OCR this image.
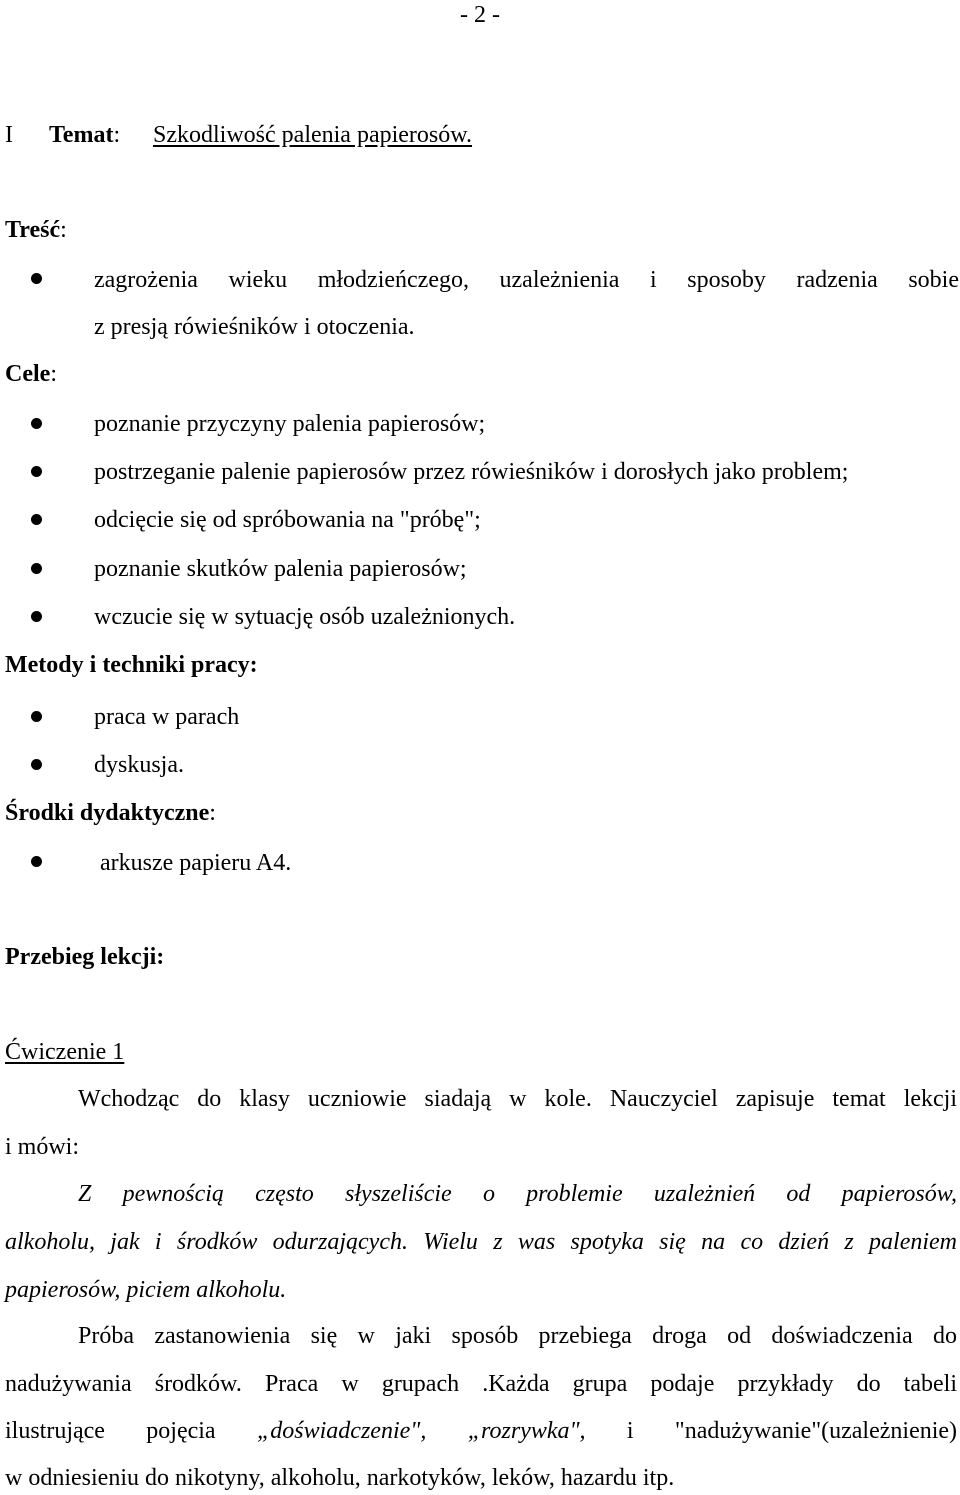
- 2 -
I Temat: Szkodliwość palenia papierosów.
Treść:
zagrożenia wieku młodzieńczego, uzależnienia i sposoby radzenia sobie
z presją rówieśników i otoczenia.
Cele:
poznanie przyczyny palenia papierosów;
postrzeganie palenie papierosów przez rówieśników i dorosłych jako problem;
odcięcie się od spróbowania na "próbę";
poznanie skutków palenia papierosów;
wczucie się w sytuację osób uzależnionych.
Metody i techniki pracy:
praca w parach
dyskusja.
Środki dydaktyczne:
arkusze papieru A4.
Przebieg lekcji:
Ćwiczenie 1
Wchodząc do klasy uczniowie siadają w kole. Nauczyciel zapisuje temat lekcji
i mówi:
Z pewnością często słyszeliście o problemie uzależnień od papierosów,
alkoholu, jak i środków odurzających. Wielu z was spotyka się na co dzień z paleniem
papierosów, piciem alkoholu.
Próba zastanowienia się w jaki sposób przebiega droga od doświadczenia do
nadużywania środków. Praca w grupach .Każda grupa podaje przykłady do tabeli
ilustrujące pojęcia „doświadczenie", „rozrywka", i "nadużywanie"(uzależnienie)
w odniesieniu do nikotyny, alkoholu, narkotyków, leków, hazardu itp.
